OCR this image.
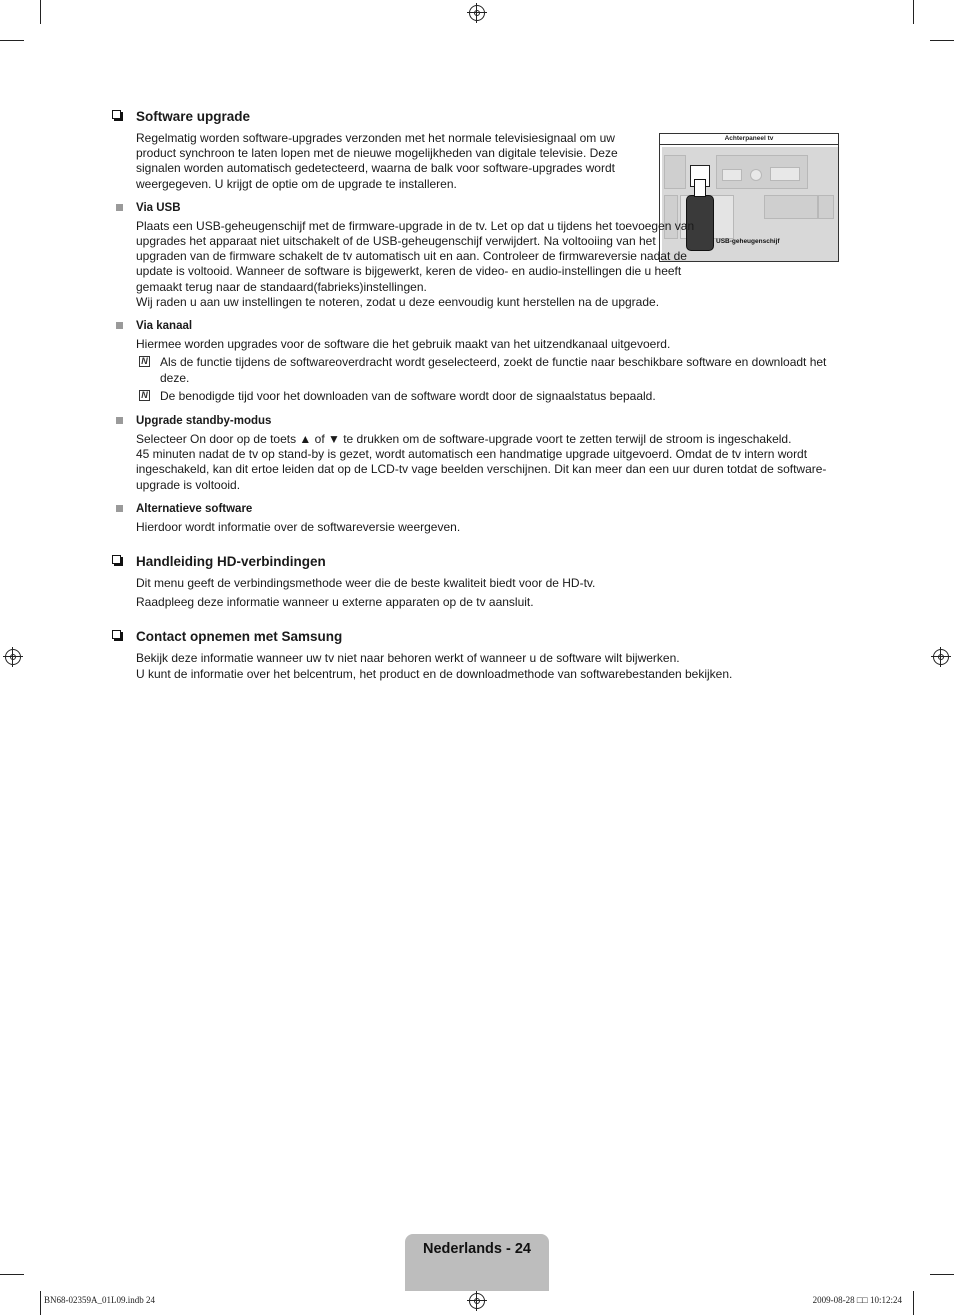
Achterpaneel tv
USB-geheugenschijf
Software upgrade

Regelmatig worden software-upgrades verzonden met het normale televisiesignaal om uw product synchroon te laten lopen met de nieuwe mogelijkheden van digitale televisie. Deze signalen worden automatisch gedetecteerd, waarna de balk voor software-upgrades wordt weergegeven. U krijgt de optie om de upgrade te installeren.

Via USB

Plaats een USB-geheugenschijf met de firmware-upgrade in de tv. Let op dat u tijdens het toevoegen van upgrades het apparaat niet uitschakelt of de USB-geheugenschijf verwijdert. Na voltooiing van het upgraden van de firmware schakelt de tv automatisch uit en aan. Controleer de firmwareversie nadat de update is voltooid. Wanneer de software is bijgewerkt, keren de video- en audio-instellingen die u heeft gemaakt terug naar de standaard(fabrieks)instellingen.

Wij raden u aan uw instellingen te noteren, zodat u deze eenvoudig kunt herstellen na de upgrade.

Via kanaal

Hiermee worden upgrades voor de software die het gebruik maakt van het uitzendkanaal uitgevoerd.

N Als de functie tijdens de softwareoverdracht wordt geselecteerd, zoekt de functie naar beschikbare software en downloadt het deze.
N De benodigde tijd voor het downloaden van de software wordt door de signaalstatus bepaald.
Upgrade standby-modus

Selecteer On door op de toets ▲ of ▼ te drukken om de software-upgrade voort te zetten terwijl de stroom is ingeschakeld.

45 minuten nadat de tv op stand-by is gezet, wordt automatisch een handmatige upgrade uitgevoerd. Omdat de tv intern wordt ingeschakeld, kan dit ertoe leiden dat op de LCD-tv vage beelden verschijnen. Dit kan meer dan een uur duren totdat de software-upgrade is voltooid.

Alternatieve software

Hierdoor wordt informatie over de softwareversie weergeven.

Handleiding HD-verbindingen

Dit menu geeft de verbindingsmethode weer die de beste kwaliteit biedt voor de HD-tv.

Raadpleeg deze informatie wanneer u externe apparaten op de tv aansluit.

Contact opnemen met Samsung

Bekijk deze informatie wanneer uw tv niet naar behoren werkt of wanneer u de software wilt bijwerken.

U kunt de informatie over het belcentrum, het product en de downloadmethode van softwarebestanden bekijken.

Nederlands - 24
BN68-02359A_01L09.indb 24	2009-08-28 □□ 10:12:24
